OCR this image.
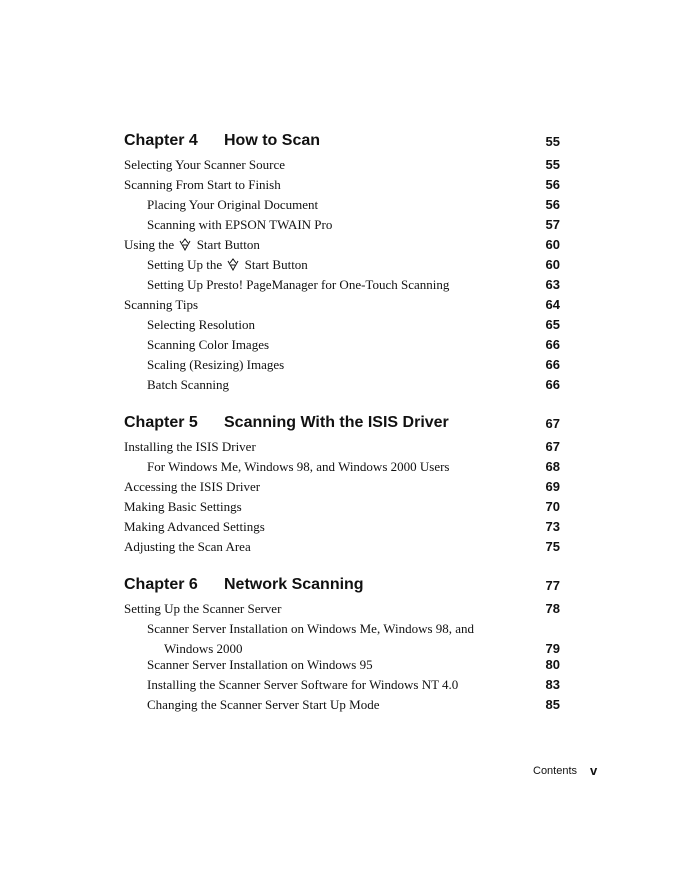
Chapter 4 How to Scan	55
Selecting Your Scanner Source	55
Scanning From Start to Finish	56
Placing Your Original Document	56
Scanning with EPSON TWAIN Pro	57
Using the Start Button	60
Setting Up the Start Button	60
Setting Up Presto! PageManager for One-Touch Scanning	63
Scanning Tips	64
Selecting Resolution	65
Scanning Color Images	66
Scaling (Resizing) Images	66
Batch Scanning	66
Chapter 5 Scanning With the ISIS Driver	67
Installing the ISIS Driver	67
For Windows Me, Windows 98, and Windows 2000 Users	68
Accessing the ISIS Driver	69
Making Basic Settings	70
Making Advanced Settings	73
Adjusting the Scan Area	75
Chapter 6 Network Scanning	77
Setting Up the Scanner Server	78
Scanner Server Installation on Windows Me, Windows 98, and
Windows 2000	79
Scanner Server Installation on Windows 95	80
Installing the Scanner Server Software for Windows NT 4.0	83
Changing the Scanner Server Start Up Mode	85
Contents v
